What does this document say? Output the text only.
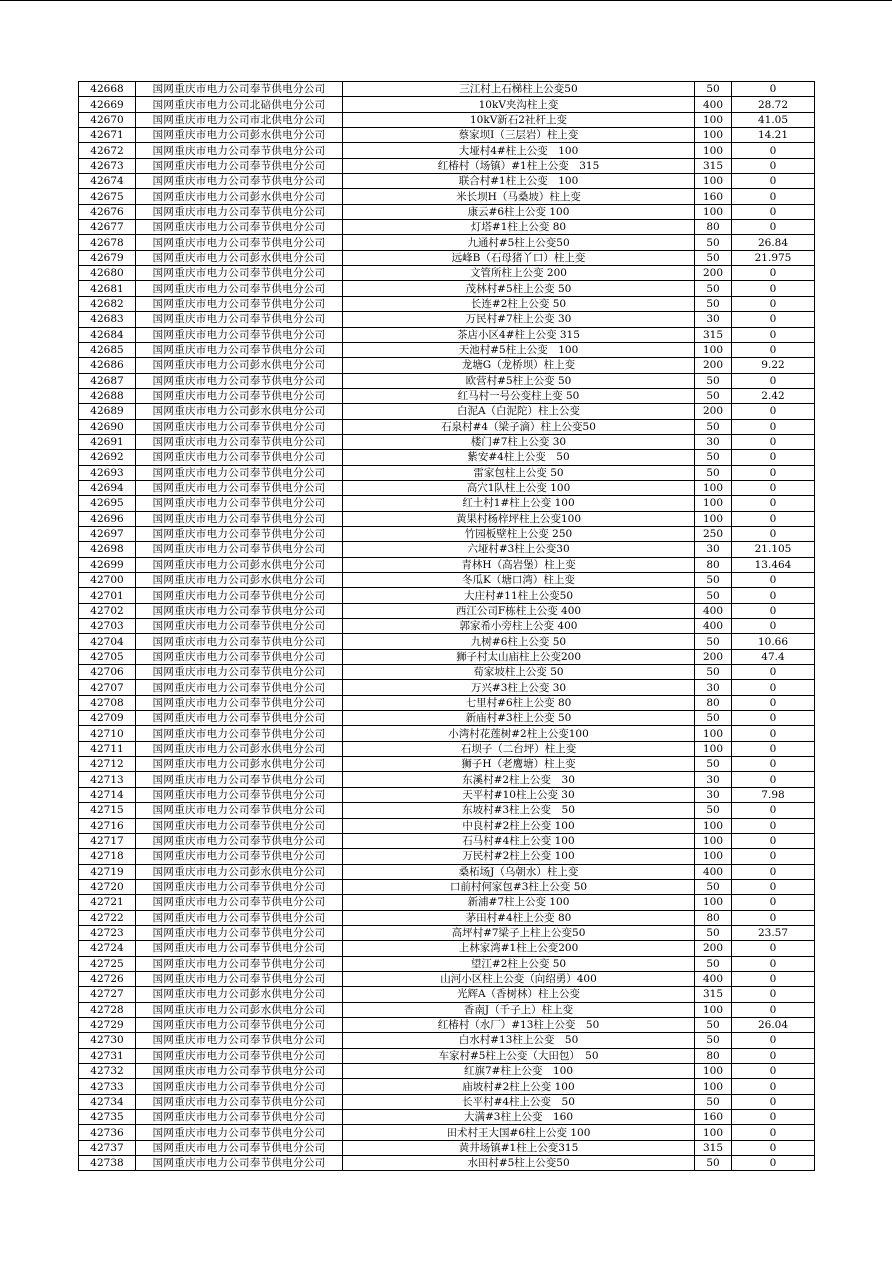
42668	国网重庆市电力公司奉节供电分公司	三江村上石梯柱上公变50	50	0
42669	国网重庆市电力公司北碚供电分公司	10kV夹沟柱上变	400	28.72
42670	国网重庆市电力公司市北供电分公司	10kV新石2社杆上变	100	41.05
42671	国网重庆市电力公司彭水供电分公司	蔡家坝I（三层岩）柱上变	100	14.21
42672	国网重庆市电力公司奉节供电分公司	大垭村4#柱上公变　100	100	0
42673	国网重庆市电力公司奉节供电分公司	红椿村（场镇）#1柱上公变　315	315	0
42674	国网重庆市电力公司奉节供电分公司	联合村#1柱上公变　100	100	0
42675	国网重庆市电力公司彭水供电分公司	米长坝H（马桑坡）柱上变	160	0
42676	国网重庆市电力公司奉节供电分公司	康云#6柱上公变 100	100	0
42677	国网重庆市电力公司奉节供电分公司	灯塔#1柱上公变 80	80	0
42678	国网重庆市电力公司奉节供电分公司	九通村#5柱上公变50	50	26.84
42679	国网重庆市电力公司彭水供电分公司	远峰B（石母猪丫口）柱上变	50	21.975
42680	国网重庆市电力公司奉节供电分公司	文管所柱上公变 200	200	0
42681	国网重庆市电力公司奉节供电分公司	茂林村#5柱上公变 50	50	0
42682	国网重庆市电力公司奉节供电分公司	长连#2柱上公变 50	50	0
42683	国网重庆市电力公司奉节供电分公司	万民村#7柱上公变 30	30	0
42684	国网重庆市电力公司奉节供电分公司	茶店小区4#柱上公变 315	315	0
42685	国网重庆市电力公司奉节供电分公司	天池村#5柱上公变　100	100	0
42686	国网重庆市电力公司彭水供电分公司	龙塘G（龙桥坝）柱上变	200	9.22
42687	国网重庆市电力公司奉节供电分公司	欧营村#5柱上公变 50	50	0
42688	国网重庆市电力公司奉节供电分公司	红马村一号公变柱上变 50	50	2.42
42689	国网重庆市电力公司彭水供电分公司	白泥A（白泥陀）柱上公变	200	0
42690	国网重庆市电力公司奉节供电分公司	石泉村#4（梁子滴）柱上公变50	50	0
42691	国网重庆市电力公司奉节供电分公司	楼门#7柱上公变 30	30	0
42692	国网重庆市电力公司奉节供电分公司	紫安#4柱上公变　50	50	0
42693	国网重庆市电力公司奉节供电分公司	雷家包柱上公变 50	50	0
42694	国网重庆市电力公司奉节供电分公司	高穴1队柱上公变 100	100	0
42695	国网重庆市电力公司奉节供电分公司	红土村1#柱上公变 100	100	0
42696	国网重庆市电力公司奉节供电分公司	黄果村杨梓坪柱上公变100	100	0
42697	国网重庆市电力公司奉节供电分公司	竹园板壁柱上公变 250	250	0
42698	国网重庆市电力公司奉节供电分公司	六垭村#3柱上公变30	30	21.105
42699	国网重庆市电力公司彭水供电分公司	青林H（高岩堡）柱上变	80	13.464
42700	国网重庆市电力公司彭水供电分公司	冬瓜K（塘口湾）柱上变	50	0
42701	国网重庆市电力公司奉节供电分公司	大庄村#11柱上公变50	50	0
42702	国网重庆市电力公司奉节供电分公司	西江公司F栋柱上公变 400	400	0
42703	国网重庆市电力公司奉节供电分公司	郭家希小旁柱上公变 400	400	0
42704	国网重庆市电力公司奉节供电分公司	九树#6柱上公变 50	50	10.66
42705	国网重庆市电力公司奉节供电分公司	狮子村太山庙柱上公变200	200	47.4
42706	国网重庆市电力公司奉节供电分公司	荀家坡柱上公变 50	50	0
42707	国网重庆市电力公司奉节供电分公司	万兴#3柱上公变 30	30	0
42708	国网重庆市电力公司奉节供电分公司	七里村#6柱上公变 80	80	0
42709	国网重庆市电力公司奉节供电分公司	新庙村#3柱上公变 50	50	0
42710	国网重庆市电力公司奉节供电分公司	小湾村花莲树#2柱上公变100	100	0
42711	国网重庆市电力公司彭水供电分公司	石坝子（二台坪）柱上变	100	0
42712	国网重庆市电力公司彭水供电分公司	狮子H（老鹰塘）柱上变	50	0
42713	国网重庆市电力公司奉节供电分公司	东溪村#2柱上公变　30	30	0
42714	国网重庆市电力公司奉节供电分公司	天平村#10柱上公变 30	30	7.98
42715	国网重庆市电力公司奉节供电分公司	东坡村#3柱上公变　50	50	0
42716	国网重庆市电力公司奉节供电分公司	中良村#2柱上公变 100	100	0
42717	国网重庆市电力公司奉节供电分公司	石马村#4柱上公变 100	100	0
42718	国网重庆市电力公司奉节供电分公司	万民村#2柱上公变 100	100	0
42719	国网重庆市电力公司彭水供电分公司	桑柘场J（乌朝水）柱上变	400	0
42720	国网重庆市电力公司奉节供电分公司	口前村何家包#3柱上公变 50	50	0
42721	国网重庆市电力公司奉节供电分公司	新浦#7柱上公变 100	100	0
42722	国网重庆市电力公司奉节供电分公司	茅田村#4柱上公变 80	80	0
42723	国网重庆市电力公司奉节供电分公司	高坪村#7梁子上柱上公变50	50	23.57
42724	国网重庆市电力公司奉节供电分公司	上林家湾#1柱上公变200	200	0
42725	国网重庆市电力公司奉节供电分公司	望江#2柱上公变 50	50	0
42726	国网重庆市电力公司奉节供电分公司	山河小区柱上公变（向绍勇）400	400	0
42727	国网重庆市电力公司彭水供电分公司	光辉A（香树林）柱上公变	315	0
42728	国网重庆市电力公司彭水供电分公司	香南J（千子上）柱上变	100	0
42729	国网重庆市电力公司奉节供电分公司	红椿村（水厂）#13柱上公变　50	50	26.04
42730	国网重庆市电力公司奉节供电分公司	白水村#13柱上公变　50	50	0
42731	国网重庆市电力公司奉节供电分公司	车家村#5柱上公变（大田包）　50	80	0
42732	国网重庆市电力公司奉节供电分公司	红旗7#柱上公变　100	100	0
42733	国网重庆市电力公司奉节供电分公司	庙坡村#2柱上公变 100	100	0
42734	国网重庆市电力公司奉节供电分公司	长平村#4柱上公变　50	50	0
42735	国网重庆市电力公司奉节供电分公司	大满#3柱上公变　160	160	0
42736	国网重庆市电力公司奉节供电分公司	田术村王大国#6柱上公变 100	100	0
42737	国网重庆市电力公司奉节供电分公司	黄井场镇#1柱上公变315	315	0
42738	国网重庆市电力公司奉节供电分公司	水田村#5柱上公变50	50	0
